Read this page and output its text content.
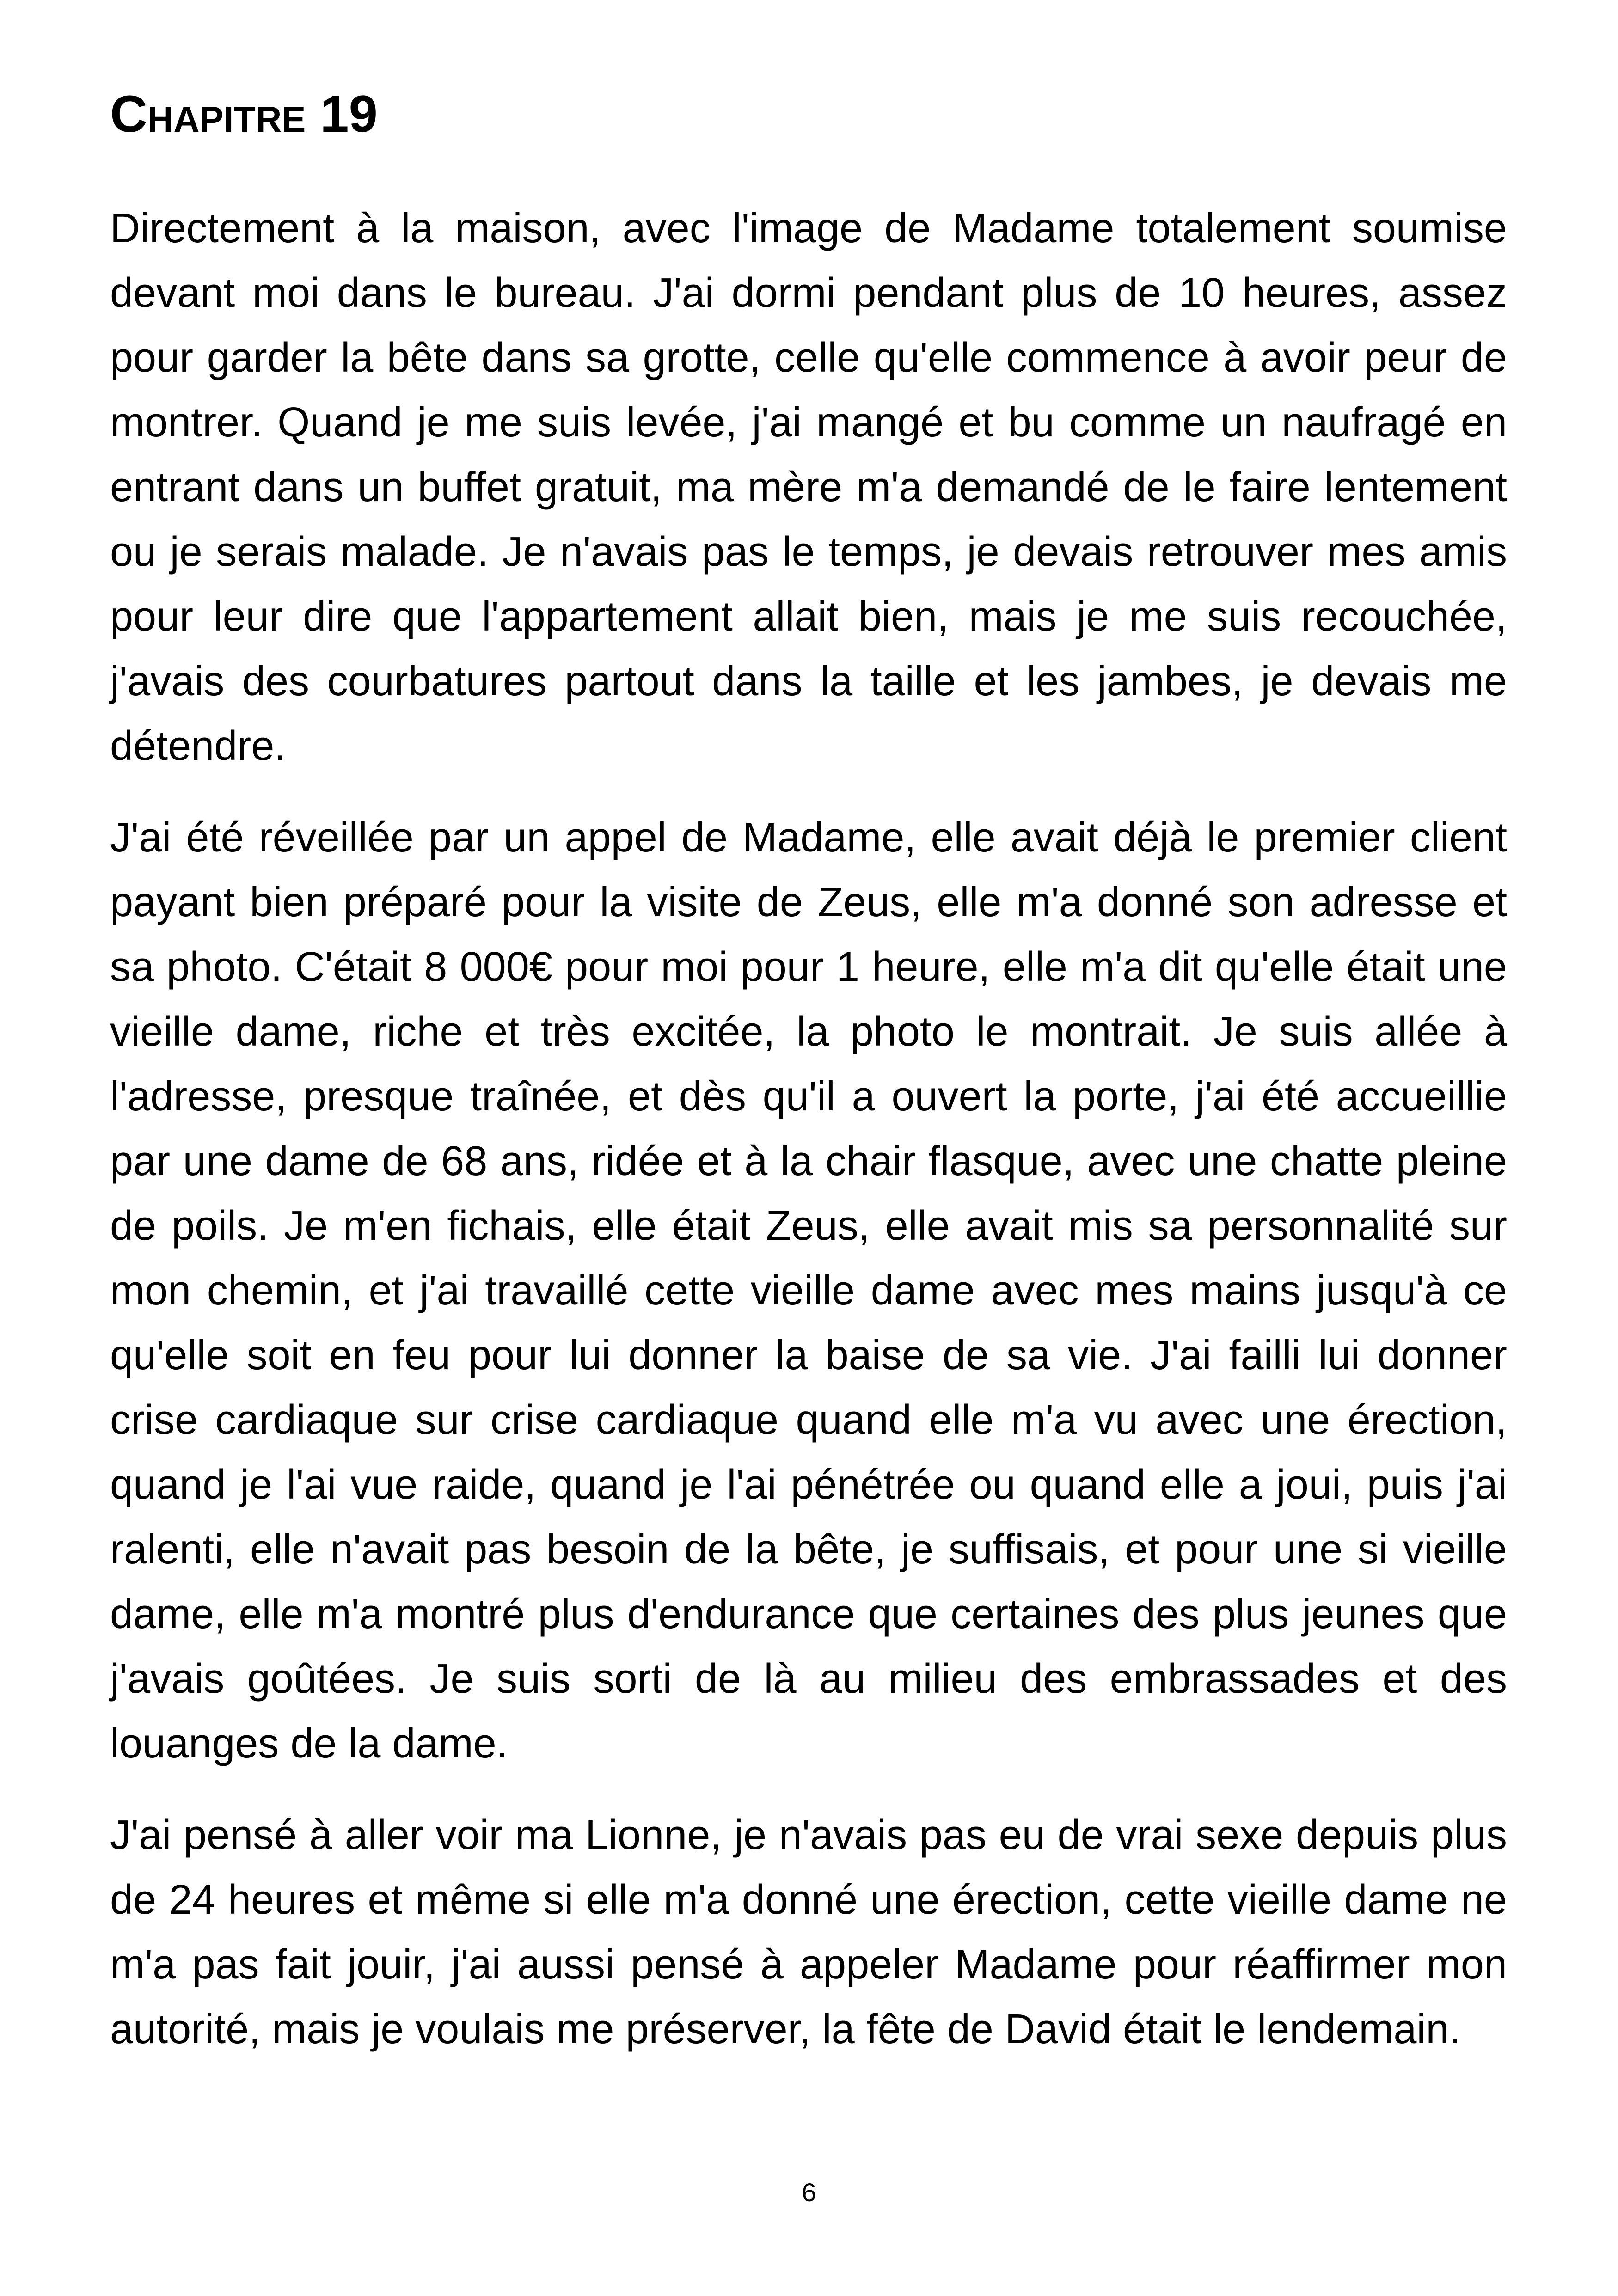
Chapitre 19

Directement à la maison, avec l'image de Madame totalement soumise devant moi dans le bureau. J'ai dormi pendant plus de 10 heures, assez pour garder la bête dans sa grotte, celle qu'elle commence à avoir peur de montrer. Quand je me suis levée, j'ai mangé et bu comme un naufragé en entrant dans un buffet gratuit, ma mère m'a demandé de le faire lentement ou je serais malade. Je n'avais pas le temps, je devais retrouver mes amis pour leur dire que l'appartement allait bien, mais je me suis recouchée, j'avais des courbatures partout dans la taille et les jambes, je devais me détendre.

J'ai été réveillée par un appel de Madame, elle avait déjà le premier client payant bien préparé pour la visite de Zeus, elle m'a donné son adresse et sa photo. C'était 8 000€ pour moi pour 1 heure, elle m'a dit qu'elle était une vieille dame, riche et très excitée, la photo le montrait. Je suis allée à l'adresse, presque traînée, et dès qu'il a ouvert la porte, j'ai été accueillie par une dame de 68 ans, ridée et à la chair flasque, avec une chatte pleine de poils. Je m'en fichais, elle était Zeus, elle avait mis sa personnalité sur mon chemin, et j'ai travaillé cette vieille dame avec mes mains jusqu'à ce qu'elle soit en feu pour lui donner la baise de sa vie. J'ai failli lui donner crise cardiaque sur crise cardiaque quand elle m'a vu avec une érection, quand je l'ai vue raide, quand je l'ai pénétrée ou quand elle a joui, puis j'ai ralenti, elle n'avait pas besoin de la bête, je suffisais, et pour une si vieille dame, elle m'a montré plus d'endurance que certaines des plus jeunes que j'avais goûtées. Je suis sorti de là au milieu des embrassades et des louanges de la dame.

J'ai pensé à aller voir ma Lionne, je n'avais pas eu de vrai sexe depuis plus de 24 heures et même si elle m'a donné une érection, cette vieille dame ne m'a pas fait jouir, j'ai aussi pensé à appeler Madame pour réaffirmer mon autorité, mais je voulais me préserver, la fête de David était le lendemain.

6
